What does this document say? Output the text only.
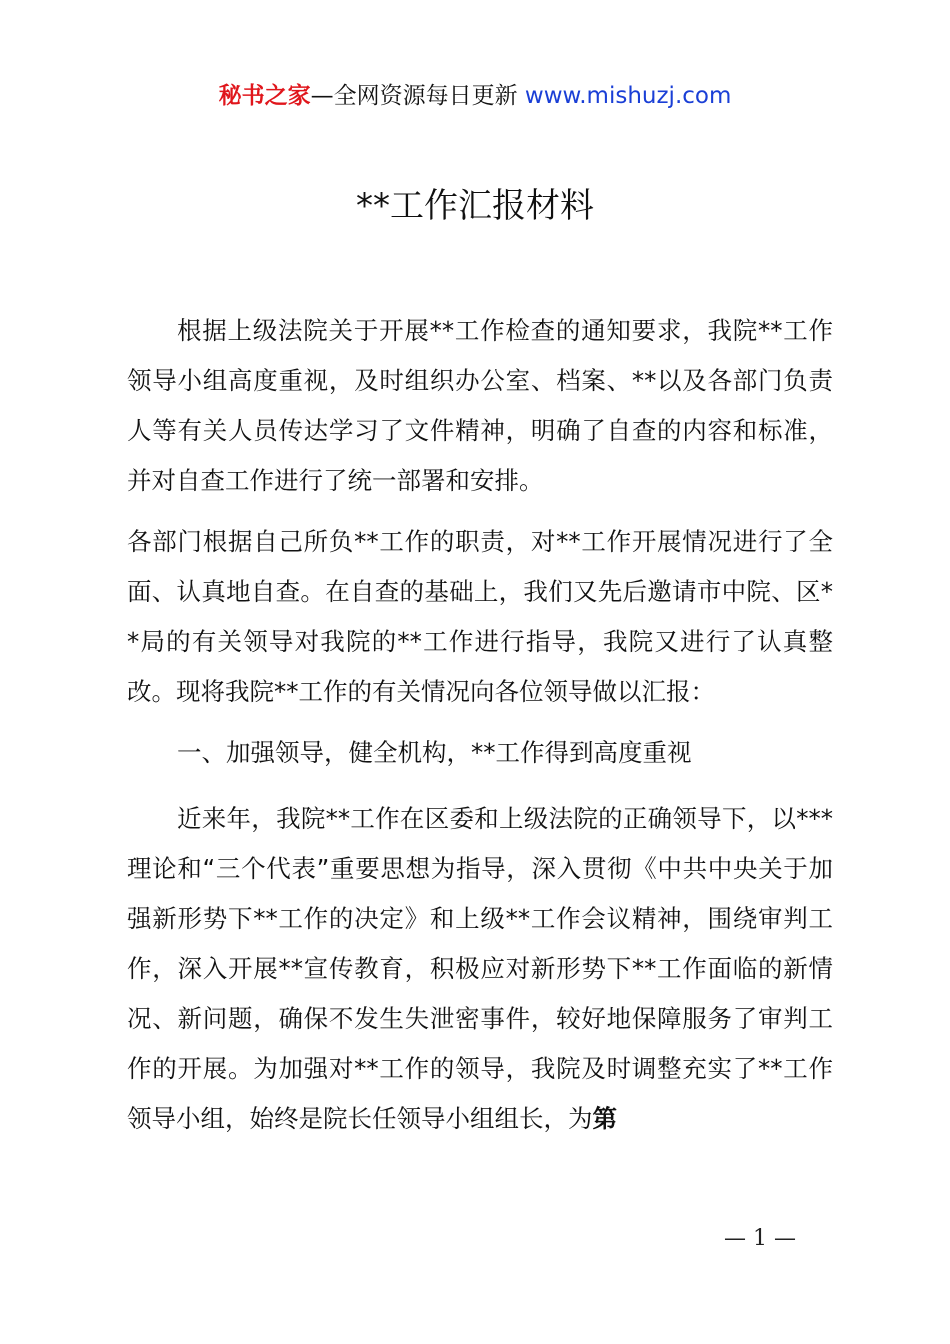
秘书之家—全网资源每日更新 www.mishuzj.com
**工作汇报材料

根据上级法院关于开展**工作检查的通知要求，我院**工作领导小组高度重视，及时组织办公室、档案、**以及各部门负责人等有关人员传达学习了文件精神，明确了自查的内容和标准，并对自查工作进行了统一部署和安排。

各部门根据自己所负**工作的职责，对**工作开展情况进行了全面、认真地自查。在自查的基础上，我们又先后邀请市中院、区**局的有关领导对我院的**工作进行指导，我院又进行了认真整改。现将我院**工作的有关情况向各位领导做以汇报：

一、加强领导，健全机构，**工作得到高度重视

近来年，我院**工作在区委和上级法院的正确领导下，以***理论和“三个代表”重要思想为指导，深入贯彻《中共中央关于加强新形势下**工作的决定》和上级**工作会议精神，围绕审判工作，深入开展**宣传教育，积极应对新形势下**工作面临的新情况、新问题，确保不发生失泄密事件，较好地保障服务了审判工作的开展。为加强对**工作的领导，我院及时调整充实了**工作领导小组，始终是院长任领导小组组长，为第

— 1 —
